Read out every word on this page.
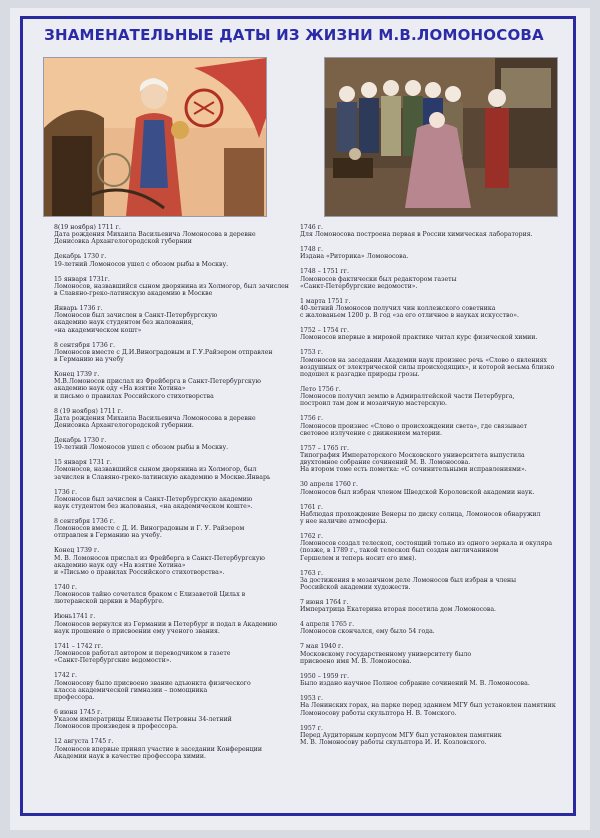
ЗНАМЕНАТЕЛЬНЫЕ ДАТЫ ИЗ ЖИЗНИ М.В.ЛОМОНОСОВА
8(19 ноября) 1711 г.
Дата рождения Михаила Васильевича Ломоносова в деревне
Денисовка Архангелогородской губернии
Декабрь 1730 г.
19-летний Ломоносов ушел с обозом рыбы в Москву.
15 января 1731г.
Ломоносов, назвавшийся сыном дворянина из Холмогор, был зачислен
в Славяно-греко-латинскую академию в Москве
Январь 1736 г.
Ломоносов был зачислен в Санкт-Петербургскую
академию наук студентом без жалования,
«на академическом кошт»
8 сентября 1736 г.
Ломоносов вместе с Д.И.Виноградовым и Г.У.Райзером отправлен
в Германию на учебу
Конец 1739 г.
М.В.Ломоносов прислал из Фрейберга в Санкт-Петербургскую
академию наук оду «На взятие Хотина»
и письмо о правилах Российского стихотворства
8 (19 ноября) 1711 г.
Дата рождения Михаила Васильевича Ломоносова в деревне
Денисовка Архангелогородской губернии.
Декабрь 1730 г.
19-летний Ломоносов ушел с обозом рыбы в Москву.
15 января 1731 г.
Ломоносов, назвавшийся сыном дворянина из Холмогор, был
зачислен в Славяно-греко-латинскую академию в Москве.Январь
1736 г.
Ломоносов был зачислен в Санкт-Петербургскую академию
наук студентом без жалованья, «на академическом коште».
8 сентября 1736 г.
Ломоносов вместе с Д. И. Виноградовым и Г. У. Райзером
отправлен в Германию на учебу.
Конец 1739 г.
М. В. Ломоносов прислал из Фрейберга в Санкт-Петербургскую
академию наук оду «На взятие Хотина»
и «Письмо о правилах Российского стихотворства».
1740 г.
Ломоносов тайно сочетался браком с Елизаветой Цильх в
лютеранской церкви в Марбурге.
Июнь1741 г.
Ломоносов вернулся из Германии в Петербург и подал в Академию
наук прошение о присвоении ему ученого звания.
1741 – 1742 гг.
Ломоносов работал автором и переводчиком в газете
«Санкт-Петербургские ведомости».
1742 г.
Ломоносову было присвоено звание адъюнкта физического
класса академической гимназии – помощника
профессора.
6 июня 1745 г.
Указом императрицы Елизаветы Петровны 34-летний
Ломоносов произведен в профессора.
12 августа 1745 г.
Ломоносов впервые принял участие в заседании Конференции
Академии наук в качестве профессора химии.
1746 г.
Для Ломоносова построена первая в России химическая лаборатория.
1748 г.
Издана «Риторика» Ломоносова.
1748 – 1751 гг.
Ломоносов фактически был редактором газеты
«Санкт-Петербургские ведомости».
1 марта 1751 г.
40-летний Ломоносов получил чин коллежского советника
с жалованьем 1200 р. В год «за его отличное в науках искусство».
1752 – 1754 гг.
Ломоносов впервые в мировой практике читал курс физической химии.
1753 г.
Ломоносов на заседании Академии наук произнес речь «Слово о явлениях
воздушных от электрической силы происходящих», и которой весьма близко
подошел к разгадке природы грозы.
Лето 1756 г.
Ломоносов получил землю в Адмиралтейской части Петербурга,
построил там дом и мозаичную мастерскую.
1756 г.
Ломоносов произнес «Слово о происхождении света», где связывает
световое излучение с движением материи.
1757 – 1765 гг.
Типография Императорского Московского университета выпустила
двухтомное собрание сочинений М. В. Ломоносова.
На втором томе есть пометка: «С сочинительными исправлениями».
30 апреля 1760 г.
Ломоносов был избран членом Шведской Королевской академии наук.
1761 г.
Наблюдая прохождение Венеры по диску солнца, Ломоносов обнаружил
у нее наличие атмосферы.
1762 г.
Ломоносов создал телескоп, состоящий только из одного зеркала и окуляра
(позже, в 1789 г., такой телескоп был создан англичанином
Гершелем и теперь носит его имя).
1763 г.
За достижения в мозаичном деле Ломоносов был избран в члены
Российской академии художеств.
7 июня 1764 г.
Императрица Екатерина вторая посетила дом Ломоносова.
4 апреля 1765 г.
Ломоносов скончался, ему было 54 года.
7 мая 1940 г.
Московскому государственному университету было
присвоено имя М. В. Ломоносова.
1950 – 1959 гг.
Было издано научное Полное собрание сочинений М. В. Ломоносова.
1953 г.
На Ленинских горах, на паркe перед зданием МГУ был установлен памятник
Ломоносову работы скульптора Н. В. Томского.
1957 г.
Перед Аудиторным корпусом МГУ был установлен памятник
М. В. Ломоносову работы скульптора И. И. Козловского.
